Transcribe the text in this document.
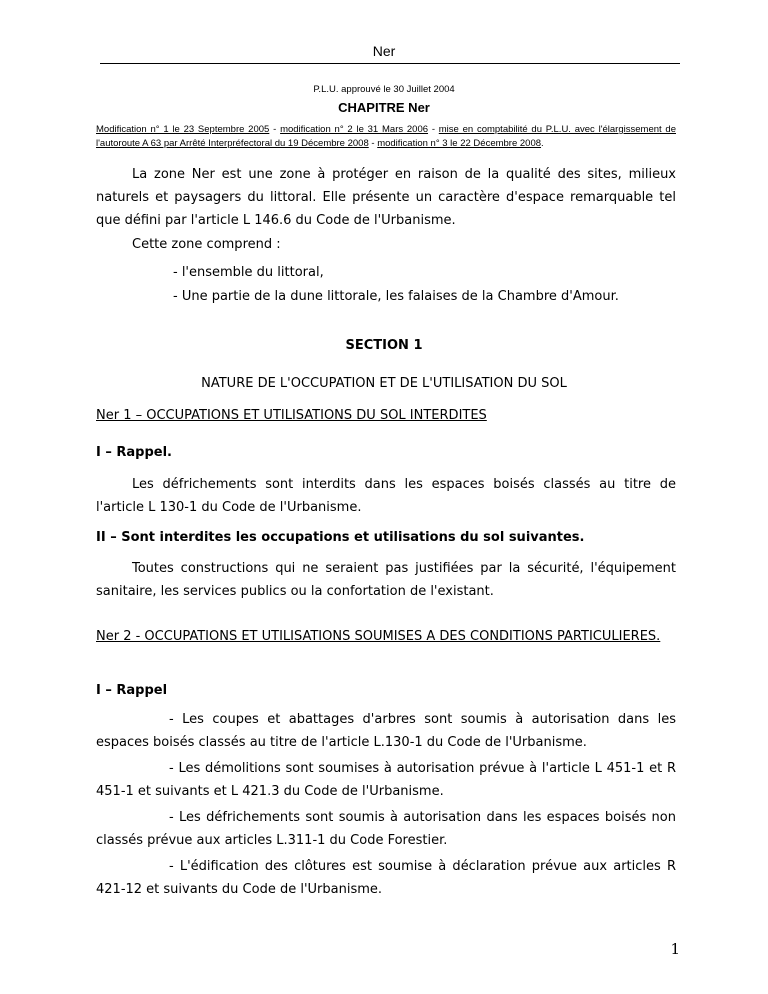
Ner
P.L.U. approuvé le 30 Juillet 2004
CHAPITRE Ner
Modification n° 1 le 23 Septembre 2005 - modification n° 2 le 31 Mars 2006 - mise en comptabilité du P.L.U. avec l'élargissement de l'autoroute A 63 par Arrêté Interpréfectoral du 19 Décembre 2008 - modification n° 3 le 22 Décembre 2008.
La zone Ner est une zone à protéger en raison de la qualité des sites, milieux naturels et paysagers du littoral. Elle présente un caractère d'espace remarquable tel que défini par l'article L 146.6 du Code de l'Urbanisme.
Cette zone comprend :
- l'ensemble du littoral,
- Une partie de la dune littorale, les falaises de la Chambre d'Amour.
SECTION 1
NATURE DE L'OCCUPATION ET DE L'UTILISATION DU SOL
Ner 1 – OCCUPATIONS ET UTILISATIONS DU SOL INTERDITES
I – Rappel.
Les défrichements sont interdits dans les espaces boisés classés au titre de l'article L 130-1 du Code de l'Urbanisme.
II – Sont interdites les occupations et utilisations du sol suivantes.
Toutes constructions qui ne seraient pas justifiées par la sécurité, l'équipement sanitaire, les services publics ou la confortation de l'existant.
Ner 2 - OCCUPATIONS ET UTILISATIONS SOUMISES A DES CONDITIONS PARTICULIERES.
I – Rappel
- Les coupes et abattages d'arbres sont soumis à autorisation dans les espaces boisés classés au titre de l'article L.130-1 du Code de l'Urbanisme.
- Les démolitions sont soumises à autorisation prévue à l'article L 451-1 et R 451-1 et suivants et L 421.3 du Code de l'Urbanisme.
- Les défrichements sont soumis à autorisation dans les espaces boisés non classés prévue aux articles L.311-1 du Code Forestier.
- L'édification des clôtures est soumise à déclaration prévue aux articles R 421-12 et suivants du Code de l'Urbanisme.
1
